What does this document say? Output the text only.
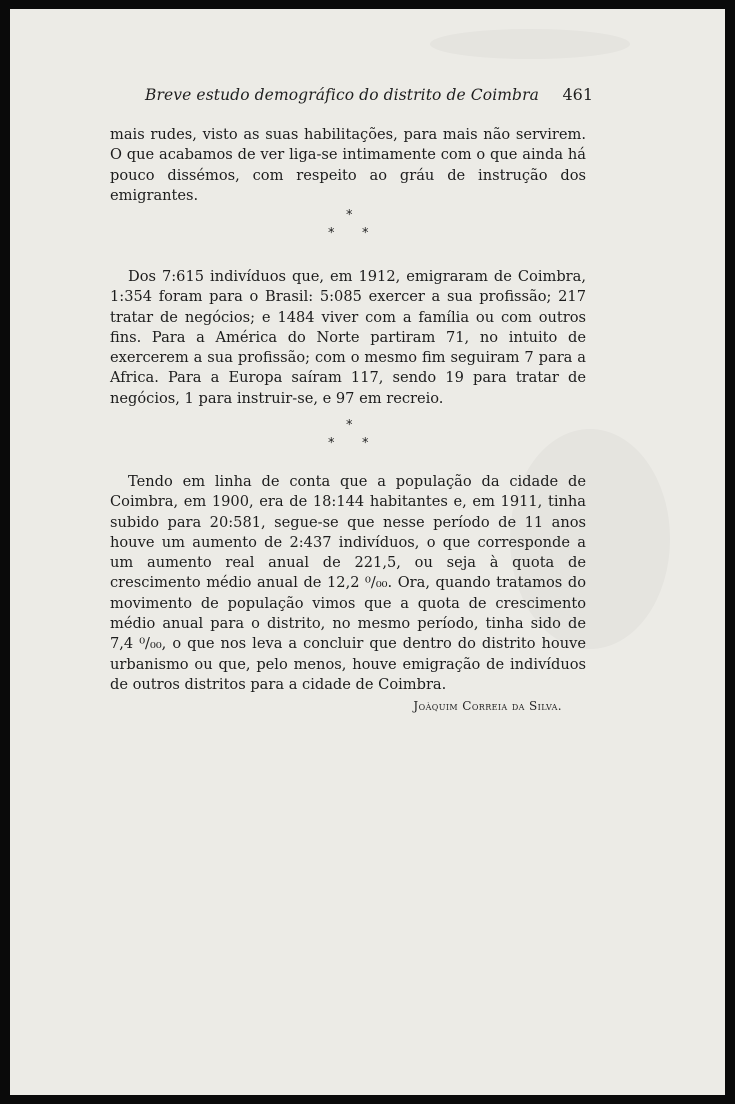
Breve estudo demográfico do distrito de Coimbra 461

mais rudes, visto as suas habilitações, para mais não servirem. O que acabamos de ver liga-se intimamente com o que ainda há pouco dissémos, com respeito ao gráu de instrução dos emigrantes.

*
* *

Dos 7:615 indivíduos que, em 1912, emigraram de Coimbra, 1:354 foram para o Brasil: 5:085 exercer a sua profissão; 217 tratar de negócios; e 1484 viver com a família ou com outros fins. Para a América do Norte partiram 71, no intuito de exercerem a sua profissão; com o mesmo fim seguiram 7 para a Africa. Para a Europa saíram 117, sendo 19 para tratar de negócios, 1 para instruir-se, e 97 em recreio.

*
* *

Tendo em linha de conta que a população da cidade de Coimbra, em 1900, era de 18:144 habitantes e, em 1911, tinha subido para 20:581, segue-se que nesse período de 11 anos houve um aumento de 2:437 indivíduos, o que corresponde a um aumento real anual de 221,5, ou seja à quota de crescimento médio anual de 12,2 ⁰/₀₀. Ora, quando tratamos do movimento de população vimos que a quota de crescimento médio anual para o distrito, no mesmo período, tinha sido de 7,4 ⁰/₀₀, o que nos leva a concluir que dentro do distrito houve urbanismo ou que, pelo menos, houve emigração de indivíduos de outros distritos para a cidade de Coimbra.

Joàquim Correia da Silva.
